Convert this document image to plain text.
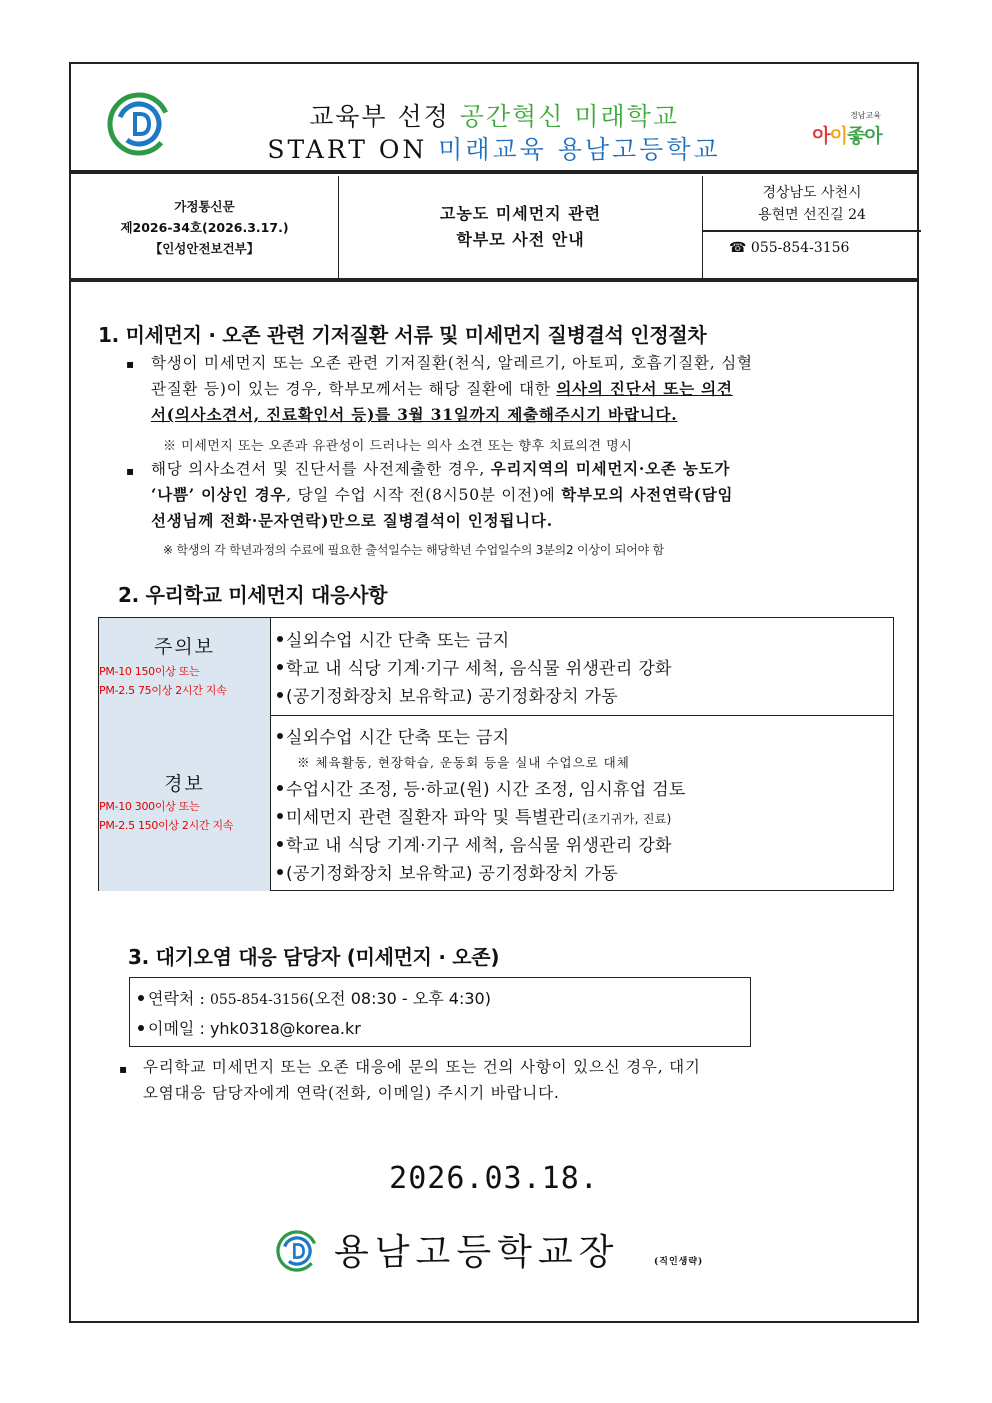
교육부 선정 공간혁신 미래학교
START ON 미래교육 용남고등학교
경남교육
아이좋아
가정통신문
제2026-34호(2026.3.17.)
【인성안전보건부】
고농도 미세먼지 관련
학부모 사전 안내
경상남도 사천시
용현면 선진길 24
☎ 055-854-3156
1. 미세먼지 · 오존 관련 기저질환 서류 및 미세먼지 질병결석 인정절차
▪ 학생이 미세먼지 또는 오존 관련 기저질환(천식, 알레르기, 아토피, 호흡기질환, 심혈
관질환 등)이 있는 경우, 학부모께서는 해당 질환에 대한 의사의 진단서 또는 의견
서(의사소견서, 진료확인서 등)를 3월 31일까지 제출해주시기 바랍니다.
※ 미세먼지 또는 오존과 유관성이 드러나는 의사 소견 또는 향후 치료의견 명시
▪ 해당 의사소견서 및 진단서를 사전제출한 경우, 우리지역의 미세먼지·오존 농도가
‘나쁨’ 이상인 경우, 당일 수업 시작 전(8시50분 이전)에 학부모의 사전연락(담임
선생님께 전화·문자연락)만으로 질병결석이 인정됩니다.
※ 학생의 각 학년과정의 수료에 필요한 출석일수는 해당학년 수업일수의 3분의2 이상이 되어야 함
2. 우리학교 미세먼지 대응사항
주의보
PM-10 150이상 또는
PM-2.5 75이상 2시간 지속
실외수업 시간 단축 또는 금지
학교 내 식당 기계·기구 세척, 음식물 위생관리 강화
(공기정화장치 보유학교) 공기정화장치 가동
경보
PM-10 300이상 또는
PM-2.5 150이상 2시간 지속
실외수업 시간 단축 또는 금지
※ 체육활동, 현장학습, 운동회 등을 실내 수업으로 대체
수업시간 조정, 등·하교(원) 시간 조정, 임시휴업 검토
미세먼지 관련 질환자 파악 및 특별관리(조기귀가, 진료)
학교 내 식당 기계·기구 세척, 음식물 위생관리 강화
(공기정화장치 보유학교) 공기정화장치 가동
3. 대기오염 대응 담당자 (미세먼지 · 오존)
연락처 : 055-854-3156(오전 08:30 - 오후 4:30)
이메일 : yhk0318@korea.kr
▪ 우리학교 미세먼지 또는 오존 대응에 문의 또는 건의 사항이 있으신 경우, 대기
오염대응 담당자에게 연락(전화, 이메일) 주시기 바랍니다.
2026.03.18.
용남고등학교장	(직인생략)
